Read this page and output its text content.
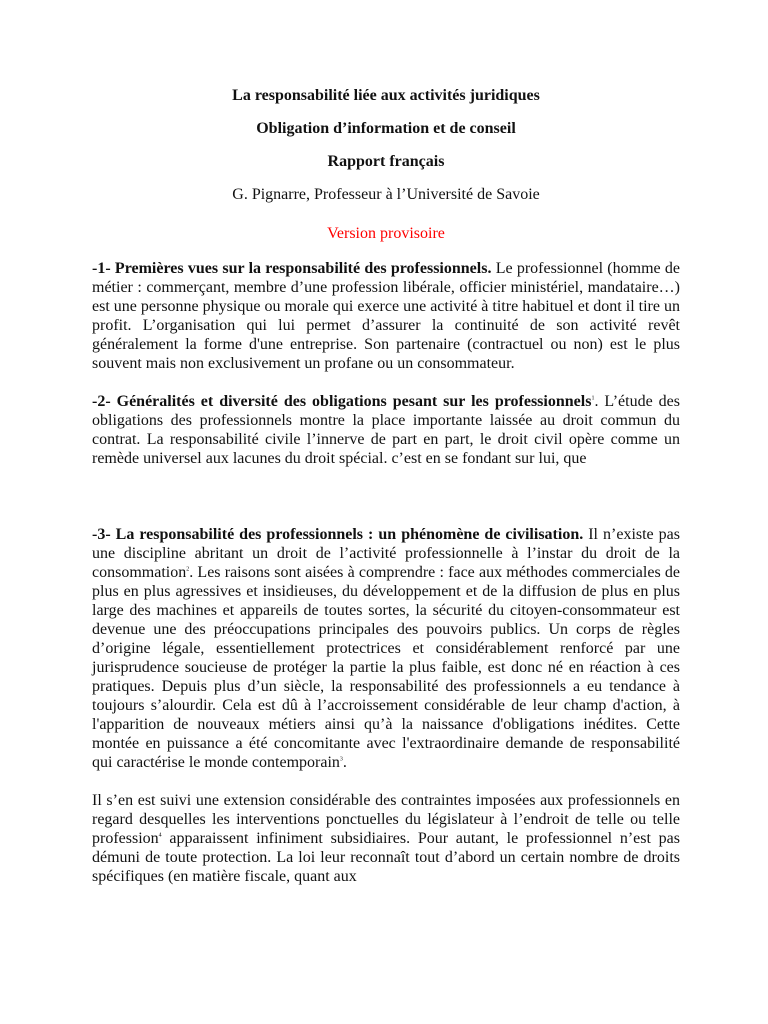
La responsabilité liée aux activités juridiques
Obligation d’information et de conseil
Rapport français
G. Pignarre, Professeur à l’Université de Savoie
Version provisoire

-1- Premières vues sur la responsabilité des professionnels. Le professionnel (homme de métier : commerçant, membre d’une profession libérale, officier ministériel, mandataire…) est une personne physique ou morale qui exerce une activité à titre habituel et dont il tire un profit. L’organisation qui lui permet d’assurer la continuité de son activité revêt généralement la forme d'une entreprise. Son partenaire (contractuel ou non) est le plus souvent mais non exclusivement un profane ou un consommateur.

-2- Généralités et diversité des obligations pesant sur les professionnels$^1$. L’étude des obligations des professionnels montre la place importante laissée au droit commun du contrat. La responsabilité civile l’innerve de part en part, le droit civil opère comme un remède universel aux lacunes du droit spécial. c’est en se fondant sur lui, que

-3- La responsabilité des professionnels : un phénomène de civilisation. Il n’existe pas une discipline abritant un droit de l’activité professionnelle à l’instar du droit de la consommation$^2$. Les raisons sont aisées à comprendre : face aux méthodes commerciales de plus en plus agressives et insidieuses, du développement et de la diffusion de plus en plus large des machines et appareils de toutes sortes, la sécurité du citoyen-consommateur est devenue une des préoccupations principales des pouvoirs publics. Un corps de règles d’origine légale, essentiellement protectrices et considérablement renforcé par une jurisprudence soucieuse de protéger la partie la plus faible, est donc né en réaction à ces pratiques. Depuis plus d’un siècle, la responsabilité des professionnels a eu tendance à toujours s’alourdir. Cela est dû à l’accroissement considérable de leur champ d'action, à l'apparition de nouveaux métiers ainsi qu’à la naissance d'obligations inédites. Cette montée en puissance a été concomitante avec l'extraordinaire demande de responsabilité qui caractérise le monde contemporain$^3$.

Il s’en est suivi une extension considérable des contraintes imposées aux professionnels en regard desquelles les interventions ponctuelles du législateur à l’endroit de telle ou telle profession$^4$ apparaissent infiniment subsidiaires. Pour autant, le professionnel n’est pas démuni de toute protection. La loi leur reconnaît tout d’abord un certain nombre de droits spécifiques (en matière fiscale, quant aux
